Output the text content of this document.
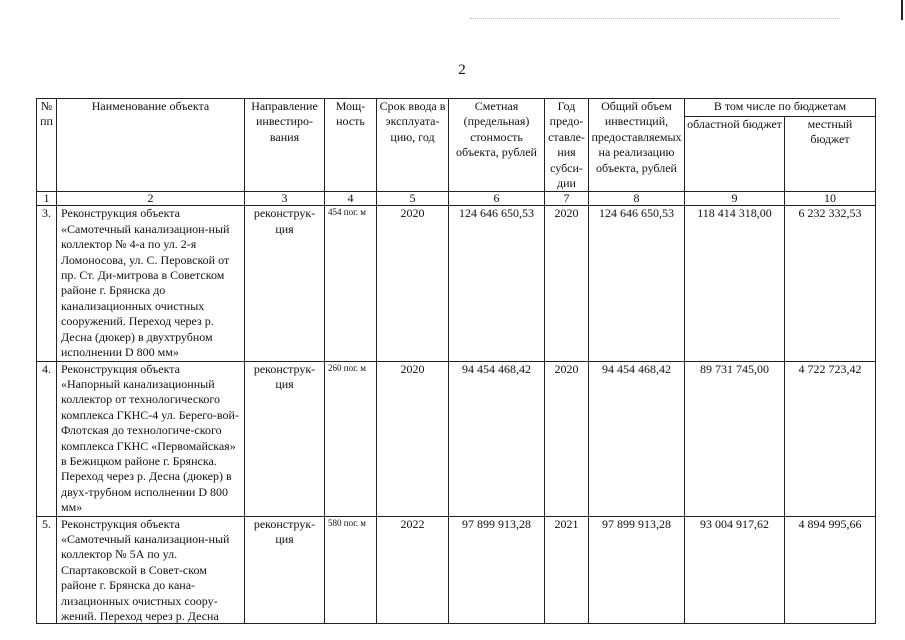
2
№ пп	Наименование объекта	Направление инвестиро-вания	Мощ-ность	Срок ввода в эксплуата-цию, год	Сметная (предельная) стонмость объекта, рублей	Год предо-ставле-ния субси-дии	Общий объем инвестиций, предоставляемых на реализацию объекта, рублей	В том числе по бюджетам	
								областной бюджет	местный бюджет
1	2	3	4	5	6	7	8	9	10
3.	Реконструкция объекта «Самотечный канализацион-ный коллектор № 4-а по ул. 2-я Ломоносова, ул. С. Перовской от пр. Ст. Ди-митрова в Советском районе г. Брянска до канализационных очистных сооружений. Переход через р. Десна (дюкер) в двухтрубном исполнении D 800 мм»	реконструк-ция	454 пог. м	2020	124 646 650,53	2020	124 646 650,53	118 414 318,00	6 232 332,53
4.	Реконструкция объекта «Напорный канализационный коллектор от технологического комплекса ГКНС-4 ул. Берего-вой-Флотская до технологиче-ского комплекса ГКНС «Первомайская» в Бежицком районе г. Брянска. Переход через р. Десна (дюкер) в двух-трубном исполнении D 800 мм»	реконструк-ция	260 пог. м	2020	94 454 468,42	2020	94 454 468,42	89 731 745,00	4 722 723,42
5.	Реконструкция объекта «Самотечный канализацион-ный коллектор № 5А по ул. Спартаковской в Совет-ском районе г. Брянска до кана-лизационных очистных соору-жений. Переход через р. Десна	реконструк-ция	580 пог. м	2022	97 899 913,28	2021	97 899 913,28	93 004 917,62	4 894 995,66
